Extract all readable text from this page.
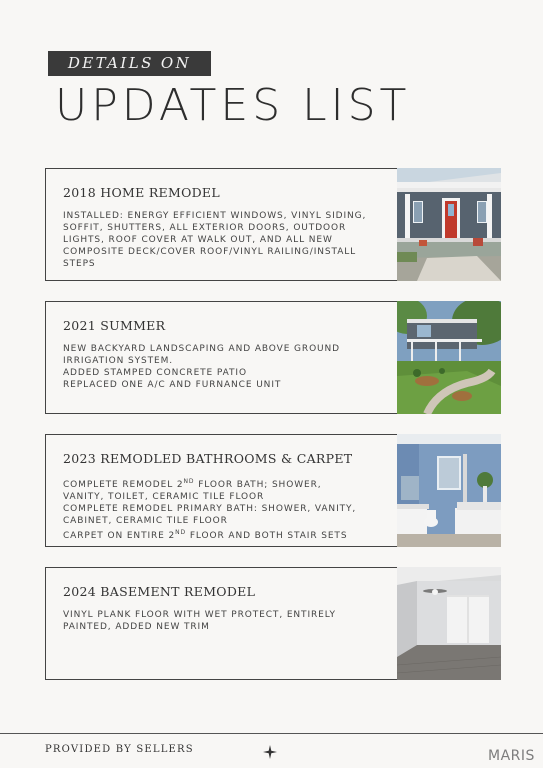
DETAILS ON
UPDATES LIST
2018 HOME REMODEL
INSTALLED: ENERGY EFFICIENT WINDOWS, VINYL SIDING,
SOFFIT, SHUTTERS, ALL EXTERIOR DOORS, OUTDOOR
LIGHTS, ROOF COVER AT WALK OUT, AND ALL NEW
COMPOSITE DECK/COVER ROOF/VINYL RAILING/INSTALL
STEPS
2021 SUMMER
NEW BACKYARD LANDSCAPING AND ABOVE GROUND
IRRIGATION SYSTEM.
ADDED STAMPED CONCRETE PATIO
REPLACED ONE A/C AND FURNANCE UNIT
2023 REMODLED BATHROOMS & CARPET
COMPLETE REMODEL 2ND FLOOR BATH; SHOWER,
VANITY, TOILET, CERAMIC TILE FLOOR
COMPLETE REMODEL PRIMARY BATH: SHOWER, VANITY,
CABINET, CERAMIC TILE FLOOR
CARPET ON ENTIRE 2ND FLOOR AND BOTH STAIR SETS
2024 BASEMENT REMODEL
VINYL PLANK FLOOR WITH WET PROTECT, ENTIRELY
PAINTED, ADDED NEW TRIM
PROVIDED BY SELLERS	MARIS
